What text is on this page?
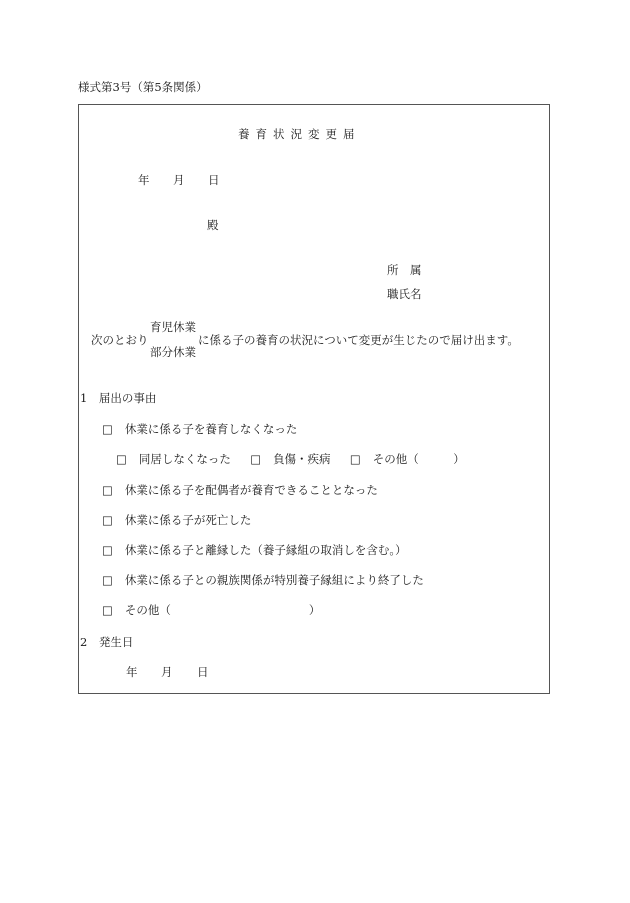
様式第3号（第5条関係）
養育状況変更届
年 月 日
殿
所　属
職氏名
次のとおり
育児休業
部分休業
に係る子の養育の状況について変更が生じたので届け出ます。
1　届出の事由
□ 休業に係る子を養育しなくなった
□ 同居しなくなった □ 負傷・疾病 □ その他（　　　）
□ 休業に係る子を配偶者が養育できることとなった
□ 休業に係る子が死亡した
□ 休業に係る子と離縁した（養子縁組の取消しを含む。）
□ 休業に係る子との親族関係が特別養子縁組により終了した
□ その他（　　　　　　　　　　　　）
2　発生日
年 月 日
